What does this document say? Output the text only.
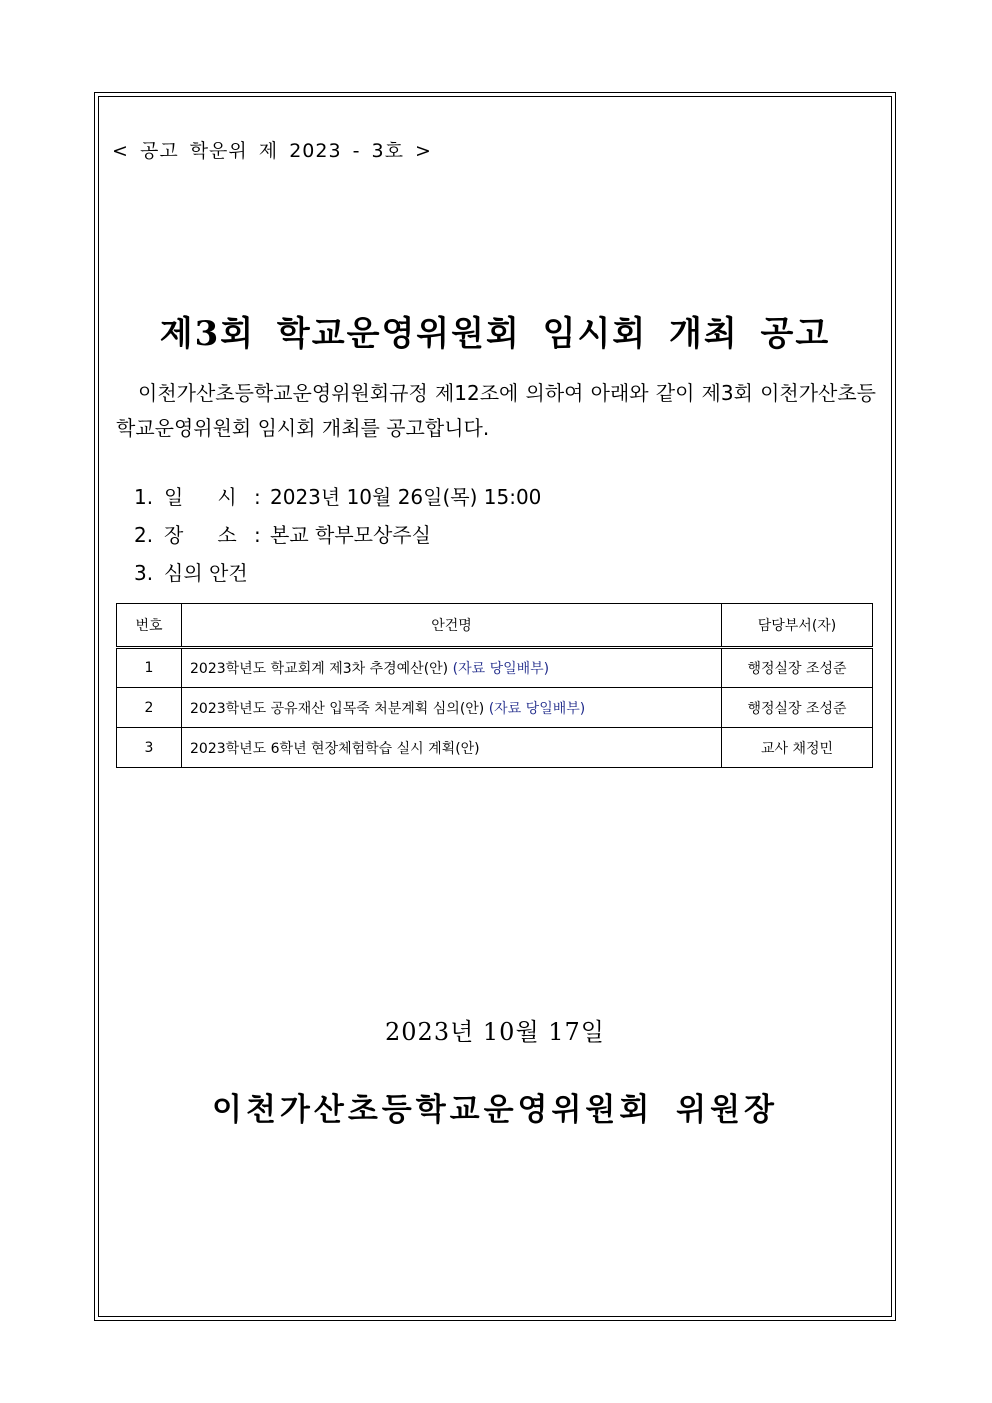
< 공고 학운위 제 2023 - 3호 >
제3회 학교운영위원회 임시회 개최 공고
이천가산초등학교운영위원회규정 제12조에 의하여 아래와 같이 제3회 이천가산초등학교운영위원회 임시회 개최를 공고합니다.
1. 일 시 : 2023년 10월 26일(목) 15:00
2. 장 소 : 본교 학부모상주실
3. 심의 안건
번호	안건명	담당부서(자)
1	2023학년도 학교회계 제3차 추경예산(안) (자료 당일배부)	행정실장 조성준
2	2023학년도 공유재산 입목죽 처분계획 심의(안) (자료 당일배부)	행정실장 조성준
3	2023학년도 6학년 현장체험학습 실시 계획(안)	교사 채정민
2023년 10월 17일
이천가산초등학교운영위원회 위원장
